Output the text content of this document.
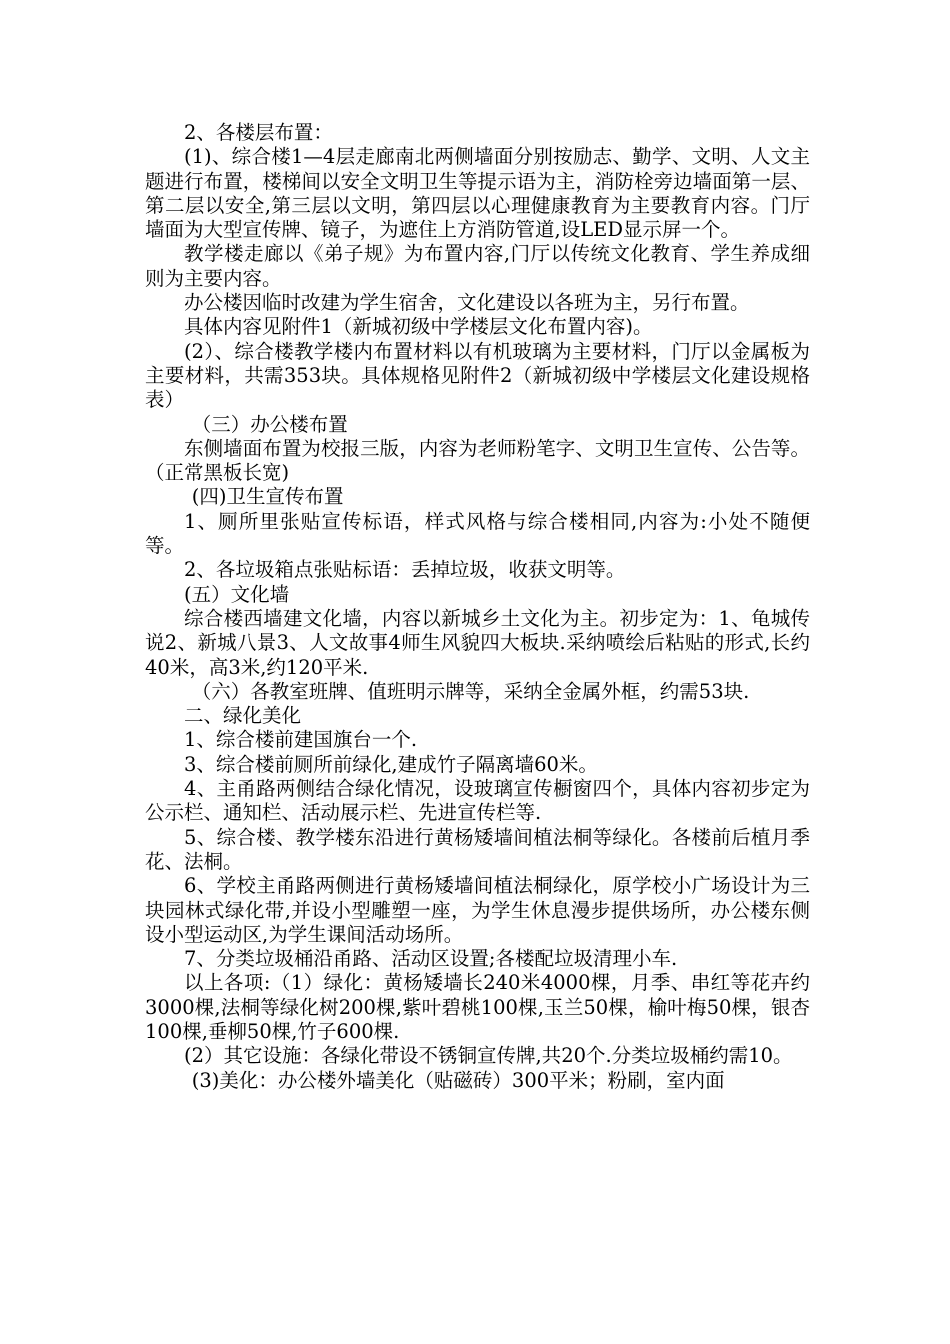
2、各楼层布置：

(1)、综合楼1—4层走廊南北两侧墙面分别按励志、勤学、文明、人文主题进行布置，楼梯间以安全文明卫生等提示语为主，消防栓旁边墙面第一层、第二层以安全,第三层以文明，第四层以心理健康教育为主要教育内容。门厅墙面为大型宣传牌、镜子，为遮住上方消防管道,设LED显示屏一个。

教学楼走廊以《弟子规》为布置内容,门厅以传统文化教育、学生养成细则为主要内容。

办公楼因临时改建为学生宿舍，文化建设以各班为主，另行布置。

具体内容见附件1（新城初级中学楼层文化布置内容)。

(2）、综合楼教学楼内布置材料以有机玻璃为主要材料，门厅以金属板为主要材料，共需353块。具体规格见附件2（新城初级中学楼层文化建设规格表）

（三）办公楼布置

东侧墙面布置为校报三版，内容为老师粉笔字、文明卫生宣传、公告等。（正常黑板长宽)

(四)卫生宣传布置

1、厕所里张贴宣传标语，样式风格与综合楼相同,内容为:小处不随便等。

2、各垃圾箱点张贴标语：丢掉垃圾，收获文明等。

(五）文化墙

综合楼西墙建文化墙，内容以新城乡土文化为主。初步定为：1、龟城传说2、新城八景3、人文故事4师生风貌四大板块.采纳喷绘后粘贴的形式,长约40米，高3米,约120平米.

（六）各教室班牌、值班明示牌等，采纳全金属外框，约需53块.

二、绿化美化

1、综合楼前建国旗台一个.

3、综合楼前厕所前绿化,建成竹子隔离墙60米。

4、主甬路两侧结合绿化情况，设玻璃宣传橱窗四个，具体内容初步定为公示栏、通知栏、活动展示栏、先进宣传栏等.

5、综合楼、教学楼东沿进行黄杨矮墙间植法桐等绿化。各楼前后植月季花、法桐。

6、学校主甬路两侧进行黄杨矮墙间植法桐绿化，原学校小广场设计为三块园林式绿化带,并设小型雕塑一座，为学生休息漫步提供场所，办公楼东侧设小型运动区,为学生课间活动场所。

7、分类垃圾桶沿甬路、活动区设置;各楼配垃圾清理小车.

以上各项:（1）绿化：黄杨矮墙长240米4000棵，月季、串红等花卉约3000棵,法桐等绿化树200棵,紫叶碧桃100棵,玉兰50棵，榆叶梅50棵，银杏100棵,垂柳50棵,竹子600棵.

(2）其它设施：各绿化带设不锈铜宣传牌,共20个.分类垃圾桶约需10。

(3)美化：办公楼外墙美化（贴磁砖）300平米；粉刷，室内面
